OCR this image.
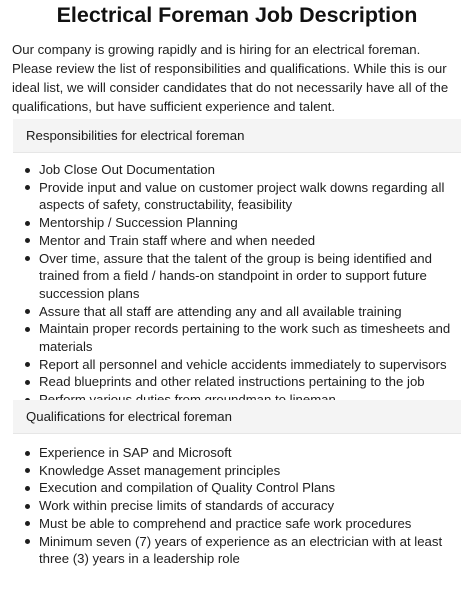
Electrical Foreman Job Description

Our company is growing rapidly and is hiring for an electrical foreman. Please review the list of responsibilities and qualifications. While this is our ideal list, we will consider candidates that do not necessarily have all of the qualifications, but have sufficient experience and talent.

Responsibilities for electrical foreman
Job Close Out Documentation
Provide input and value on customer project walk downs regarding all aspects of safety, constructability, feasibility
Mentorship / Succession Planning
Mentor and Train staff where and when needed
Over time, assure that the talent of the group is being identified and trained from a field / hands-on standpoint in order to support future succession plans
Assure that all staff are attending any and all available training
Maintain proper records pertaining to the work such as timesheets and materials
Report all personnel and vehicle accidents immediately to supervisors
Read blueprints and other related instructions pertaining to the job
Qualifications for electrical foreman
Experience in SAP and Microsoft
Knowledge Asset management principles
Execution and compilation of Quality Control Plans
Work within precise limits of standards of accuracy
Must be able to comprehend and practice safe work procedures
Minimum seven (7) years of experience as an electrician with at least three (3) years in a leadership role
